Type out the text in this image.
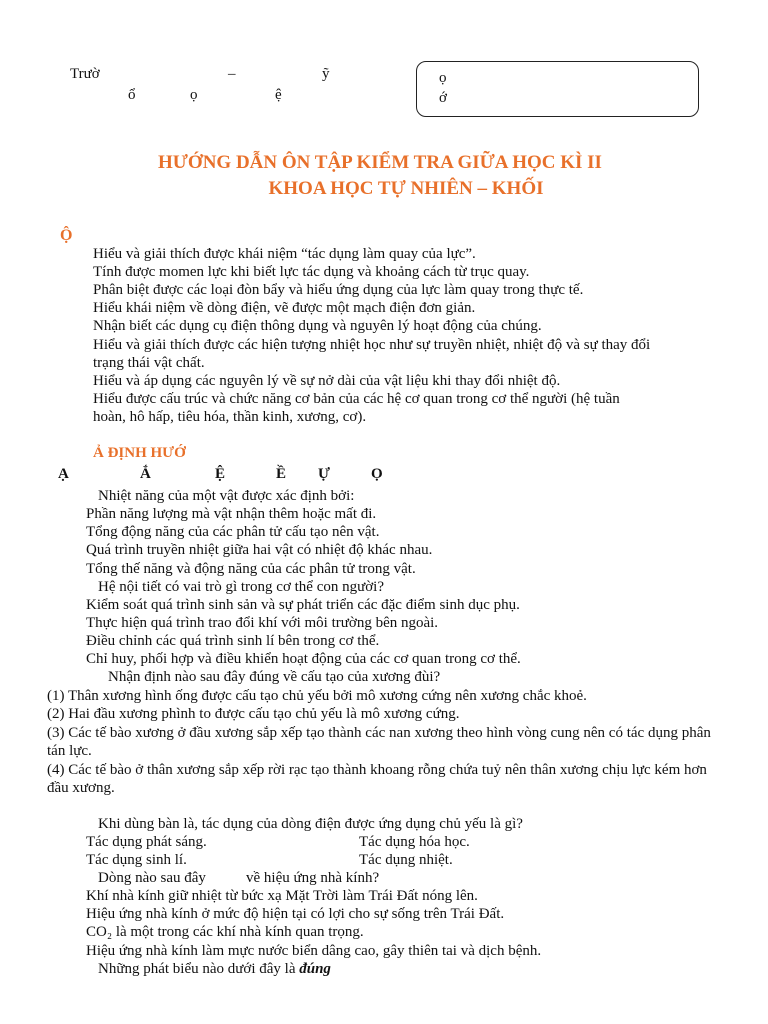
Trườ	–	ỹ
ổ	ọ	ệ
ọ
ớ
HƯỚNG DẪN ÔN TẬP KIỂM TRA GIỮA HỌC KÌ II
KHOA HỌC TỰ NHIÊN – KHỐI
Ộ
Hiểu và giải thích được khái niệm “tác dụng làm quay của lực”.
Tính được momen lực khi biết lực tác dụng và khoảng cách từ trục quay.
Phân biệt được các loại đòn bẩy và hiểu ứng dụng của lực làm quay trong thực tế.
Hiểu khái niệm về dòng điện, vẽ được một mạch điện đơn giản.
Nhận biết các dụng cụ điện thông dụng và nguyên lý hoạt động của chúng.
Hiểu và giải thích được các hiện tượng nhiệt học như sự truyền nhiệt, nhiệt độ và sự thay đổi
trạng thái vật chất.
Hiểu và áp dụng các nguyên lý về sự nở dài của vật liệu khi thay đổi nhiệt độ.
Hiểu được cấu trúc và chức năng cơ bản của các hệ cơ quan trong cơ thể người (hệ tuần
hoàn, hô hấp, tiêu hóa, thần kinh, xương, cơ).
Ả ĐỊNH HƯỚ
Ạ	Ắ	Ệ	Ề Ự	Ọ
Nhiệt năng của một vật được xác định bởi:
Phần năng lượng mà vật nhận thêm hoặc mất đi.
Tổng động năng của các phân tử cấu tạo nên vật.
Quá trình truyền nhiệt giữa hai vật có nhiệt độ khác nhau.
Tổng thế năng và động năng của các phân tử trong vật.
Hệ nội tiết có vai trò gì trong cơ thể con người?
Kiểm soát quá trình sinh sản và sự phát triển các đặc điểm sinh dục phụ.
Thực hiện quá trình trao đổi khí với môi trường bên ngoài.
Điều chỉnh các quá trình sinh lí bên trong cơ thể.
Chỉ huy, phối hợp và điều khiển hoạt động của các cơ quan trong cơ thể.
Nhận định nào sau đây đúng về cấu tạo của xương đùi?
(1) Thân xương hình ống được cấu tạo chủ yếu bởi mô xương cứng nên xương chắc khoẻ.
(2) Hai đầu xương phình to được cấu tạo chủ yếu là mô xương cứng.
(3) Các tế bào xương ở đầu xương sắp xếp tạo thành các nan xương theo hình vòng cung nên có tác dụng phân tán lực.
(4) Các tế bào ở thân xương sắp xếp rời rạc tạo thành khoang rỗng chứa tuỷ nên thân xương chịu lực kém hơn đầu xương.
Khi dùng bàn là, tác dụng của dòng điện được ứng dụng chủ yếu là gì?
Tác dụng phát sáng.	Tác dụng hóa học.
Tác dụng sinh lí.	Tác dụng nhiệt.
Dòng nào sau đây	về hiệu ứng nhà kính?
Khí nhà kính giữ nhiệt từ bức xạ Mặt Trời làm Trái Đất nóng lên.
Hiệu ứng nhà kính ở mức độ hiện tại có lợi cho sự sống trên Trái Đất.
CO₂ là một trong các khí nhà kính quan trọng.
Hiệu ứng nhà kính làm mực nước biển dâng cao, gây thiên tai và dịch bệnh.
Những phát biểu nào dưới đây là đúng
